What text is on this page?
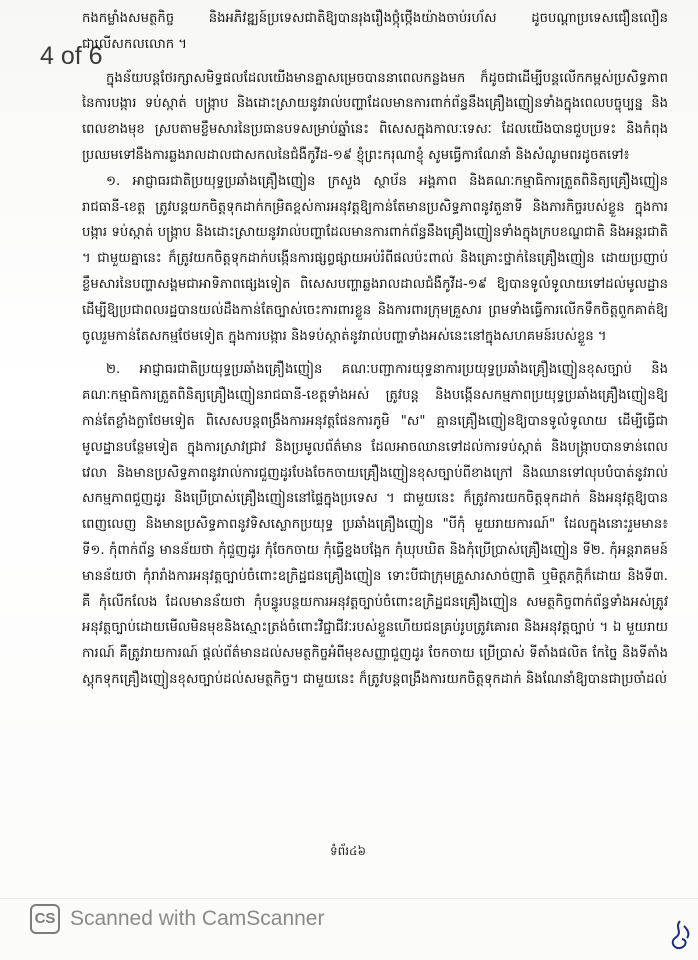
4 of 6

កងកម្លាំងសមត្ថកិច្ច និងអភិវឌ្ឍន៍ប្រទេសជាតិឱ្យបានរុងរឿងថ្កុំថ្កើងយ៉ាងចាប់រហ័ស ដូចបណ្តាប្រទេសជឿនលឿនជាលើសកលលោក ។

ក្នុងន័យបន្តថែរក្សាសមិទ្ធផលដែលយើងមានគ្នាសម្រេចបាននាពេលកន្លងមក ក៏ដូចជាដើម្បីបន្តលើកកម្ពស់ប្រសិទ្ធភាពនៃការបង្ការ ទប់ស្កាត់ បង្ក្រាប និងដោះស្រាយនូវរាល់បញ្ហាដែលមានការពាក់ព័ន្ធនឹងគ្រឿងញៀនទាំងក្នុងពេលបច្ចុប្បន្ន និងពេលខាងមុខ ស្របតាមខ្លឹមសារនៃប្រធានបទសម្រាប់ឆ្នាំនេះ ពិសេសក្នុងកាលៈទេសៈ ដែលយើងបានជួបប្រទះ និងកំពុងប្រឈមទៅនឹងការឆ្លងរាលដាលជាសកលនៃជំងឺកូវីដ-១៩ ខ្ញុំព្រះករុណាខ្ញុំ សូមធ្វើការណែនាំ និងសំណូមពរដូចតទៅ៖

១. អាជ្ញាធរជាតិប្រយុទ្ធប្រឆាំងគ្រឿងញៀន ក្រសួង ស្ថាប័ន អង្គភាព និងគណៈកម្មាធិការត្រួតពិនិត្យគ្រឿងញៀនរាជធានី-ខេត្ត ត្រូវបន្តយកចិត្តទុកដាក់កម្រិតខ្ពស់ការអនុវត្តឱ្យកាន់តែមានប្រសិទ្ធភាពនូវតួនាទី និងភារកិច្ចរបស់ខ្លួន ក្នុងការបង្ការ ទប់ស្កាត់ បង្ក្រាប និងដោះស្រាយនូវរាល់បញ្ហាដែលមានការពាក់ព័ន្ធនឹងគ្រឿងញៀនទាំងក្នុងក្របខណ្ឌជាតិ និងអន្តរជាតិ ។ ជាមួយគ្នានេះ ក៏ត្រូវយកចិត្តទុកដាក់បង្កើនការផ្សព្វផ្សាយអប់រំពីផលប៉ះពាល់ និងគ្រោះថ្នាក់នៃគ្រឿងញៀន ដោយប្រញាប់ខ្លឹមសារនៃបញ្ហាសង្គមជាអាទិភាពផ្សេងទៀត ពិសេសបញ្ហាឆ្លងរាលដាលជំងឺកូវីដ-១៩ ឱ្យបានទូលំទូលាយទៅដល់មូលដ្ឋាន ដើម្បីឱ្យប្រជាពលរដ្ឋបានយល់ដឹងកាន់តែច្បាស់ចេះការពារខ្លួន និងការពារក្រុមគ្រួសារ ព្រមទាំងធ្វើការលើកទឹកចិត្តពួកគាត់ឱ្យចូលរួមកាន់តែសកម្មថែមទៀត ក្នុងការបង្ការ និងទប់ស្កាត់នូវរាល់បញ្ហាទាំងអស់នេះនៅក្នុងសហគមន៍របស់ខ្លួន ។

២. អាជ្ញាធរជាតិប្រយុទ្ធប្រឆាំងគ្រឿងញៀន គណៈបញ្ជាការយុទ្ធនាការប្រយុទ្ធប្រឆាំងគ្រឿងញៀនខុសច្បាប់ និងគណៈកម្មាធិការត្រួតពិនិត្យគ្រឿងញៀនរាជធានី-ខេត្តទាំងអស់ ត្រូវបន្ត និងបង្កើនសកម្មភាពប្រយុទ្ធប្រឆាំងគ្រឿងញៀនឱ្យកាន់តែខ្លាំងក្លាថែមទៀត ពិសេសបន្តពង្រឹងការអនុវត្តផែនការភូមិ "ស" គ្មានគ្រឿងញៀនឱ្យបានទូលំទូលាយ ដើម្បីធ្វើជាមូលដ្ឋានបន្ថែមទៀត ក្នុងការស្រាវជ្រាវ និងប្រមូលព័ត៌មាន ដែលអាចឈានទៅដល់ការទប់ស្កាត់ និងបង្ក្រាបបានទាន់ពេលវេលា និងមានប្រសិទ្ធភាពនូវរាល់ការជួញដូរបែងចែកចាយគ្រឿងញៀនខុសច្បាប់ពីខាងក្រៅ និងឈានទៅលុបបំបាត់នូវរាល់សកម្មភាពជួញដូរ និងប្រើប្រាស់គ្រឿងញៀននៅផ្ទៃក្នុងប្រទេស ។ ជាមួយនេះ ក៏ត្រូវការយកចិត្តទុកដាក់ និងអនុវត្តឱ្យបានពេញលេញ និងមានប្រសិទ្ធភាពនូវទិសស្លោកប្រយុទ្ធ ប្រឆាំងគ្រឿងញៀន "បីកុំ មួយរាយការណ៍" ដែលក្នុងនោះរួមមាន៖ ទី១. កុំពាក់ព័ន្ធ មានន័យថា កុំជួញដូរ កុំចែកចាយ កុំធ្វើខ្នងបង្អែក កុំឃុបឃិត និងកុំប្រើប្រាស់គ្រឿងញៀន ទី២. កុំអន្តរាគមន៍ មានន័យថា កុំរារាំងការអនុវត្តច្បាប់ចំពោះឧក្រិដ្ឋជនគ្រឿងញៀន ទោះបីជាក្រុមគ្រួសារសាច់ញាតិ ឬមិត្តភក្តិក៏ដោយ និងទី៣. គឺ កុំលើកលែង ដែលមានន័យថា កុំបន្ធូរបន្ថយការអនុវត្តច្បាប់ចំពោះឧក្រិដ្ឋជនគ្រឿងញៀន សមត្ថកិច្ចពាក់ព័ន្ធទាំងអស់ត្រូវអនុវត្តច្បាប់ដោយមើលមិនមុខនិងស្មោះត្រង់ចំពោះវិជ្ជាជីវៈរបស់ខ្លួនហើយជនគ្រប់រូបត្រូវគោរព និងអនុវត្តច្បាប់ ។ ឯ មួយរាយការណ៍ គឺត្រូវរាយការណ៍ ផ្តល់ព័ត៌មានដល់សមត្ថកិច្ចអំពីមុខសញ្ញាជួញដូរ ចែកចាយ ប្រើប្រាស់ ទីតាំងផលិត កែច្នៃ និងទីតាំងស្តុកទុកគ្រឿងញៀនខុសច្បាប់ដល់សមត្ថកិច្ច។ ជាមួយនេះ ក៏ត្រូវបន្តពង្រឹងការយកចិត្តទុកដាក់ និងណែនាំឱ្យបានជាប្រចាំដល់

ទំព័រ៤៦
CS Scanned with CamScanner
